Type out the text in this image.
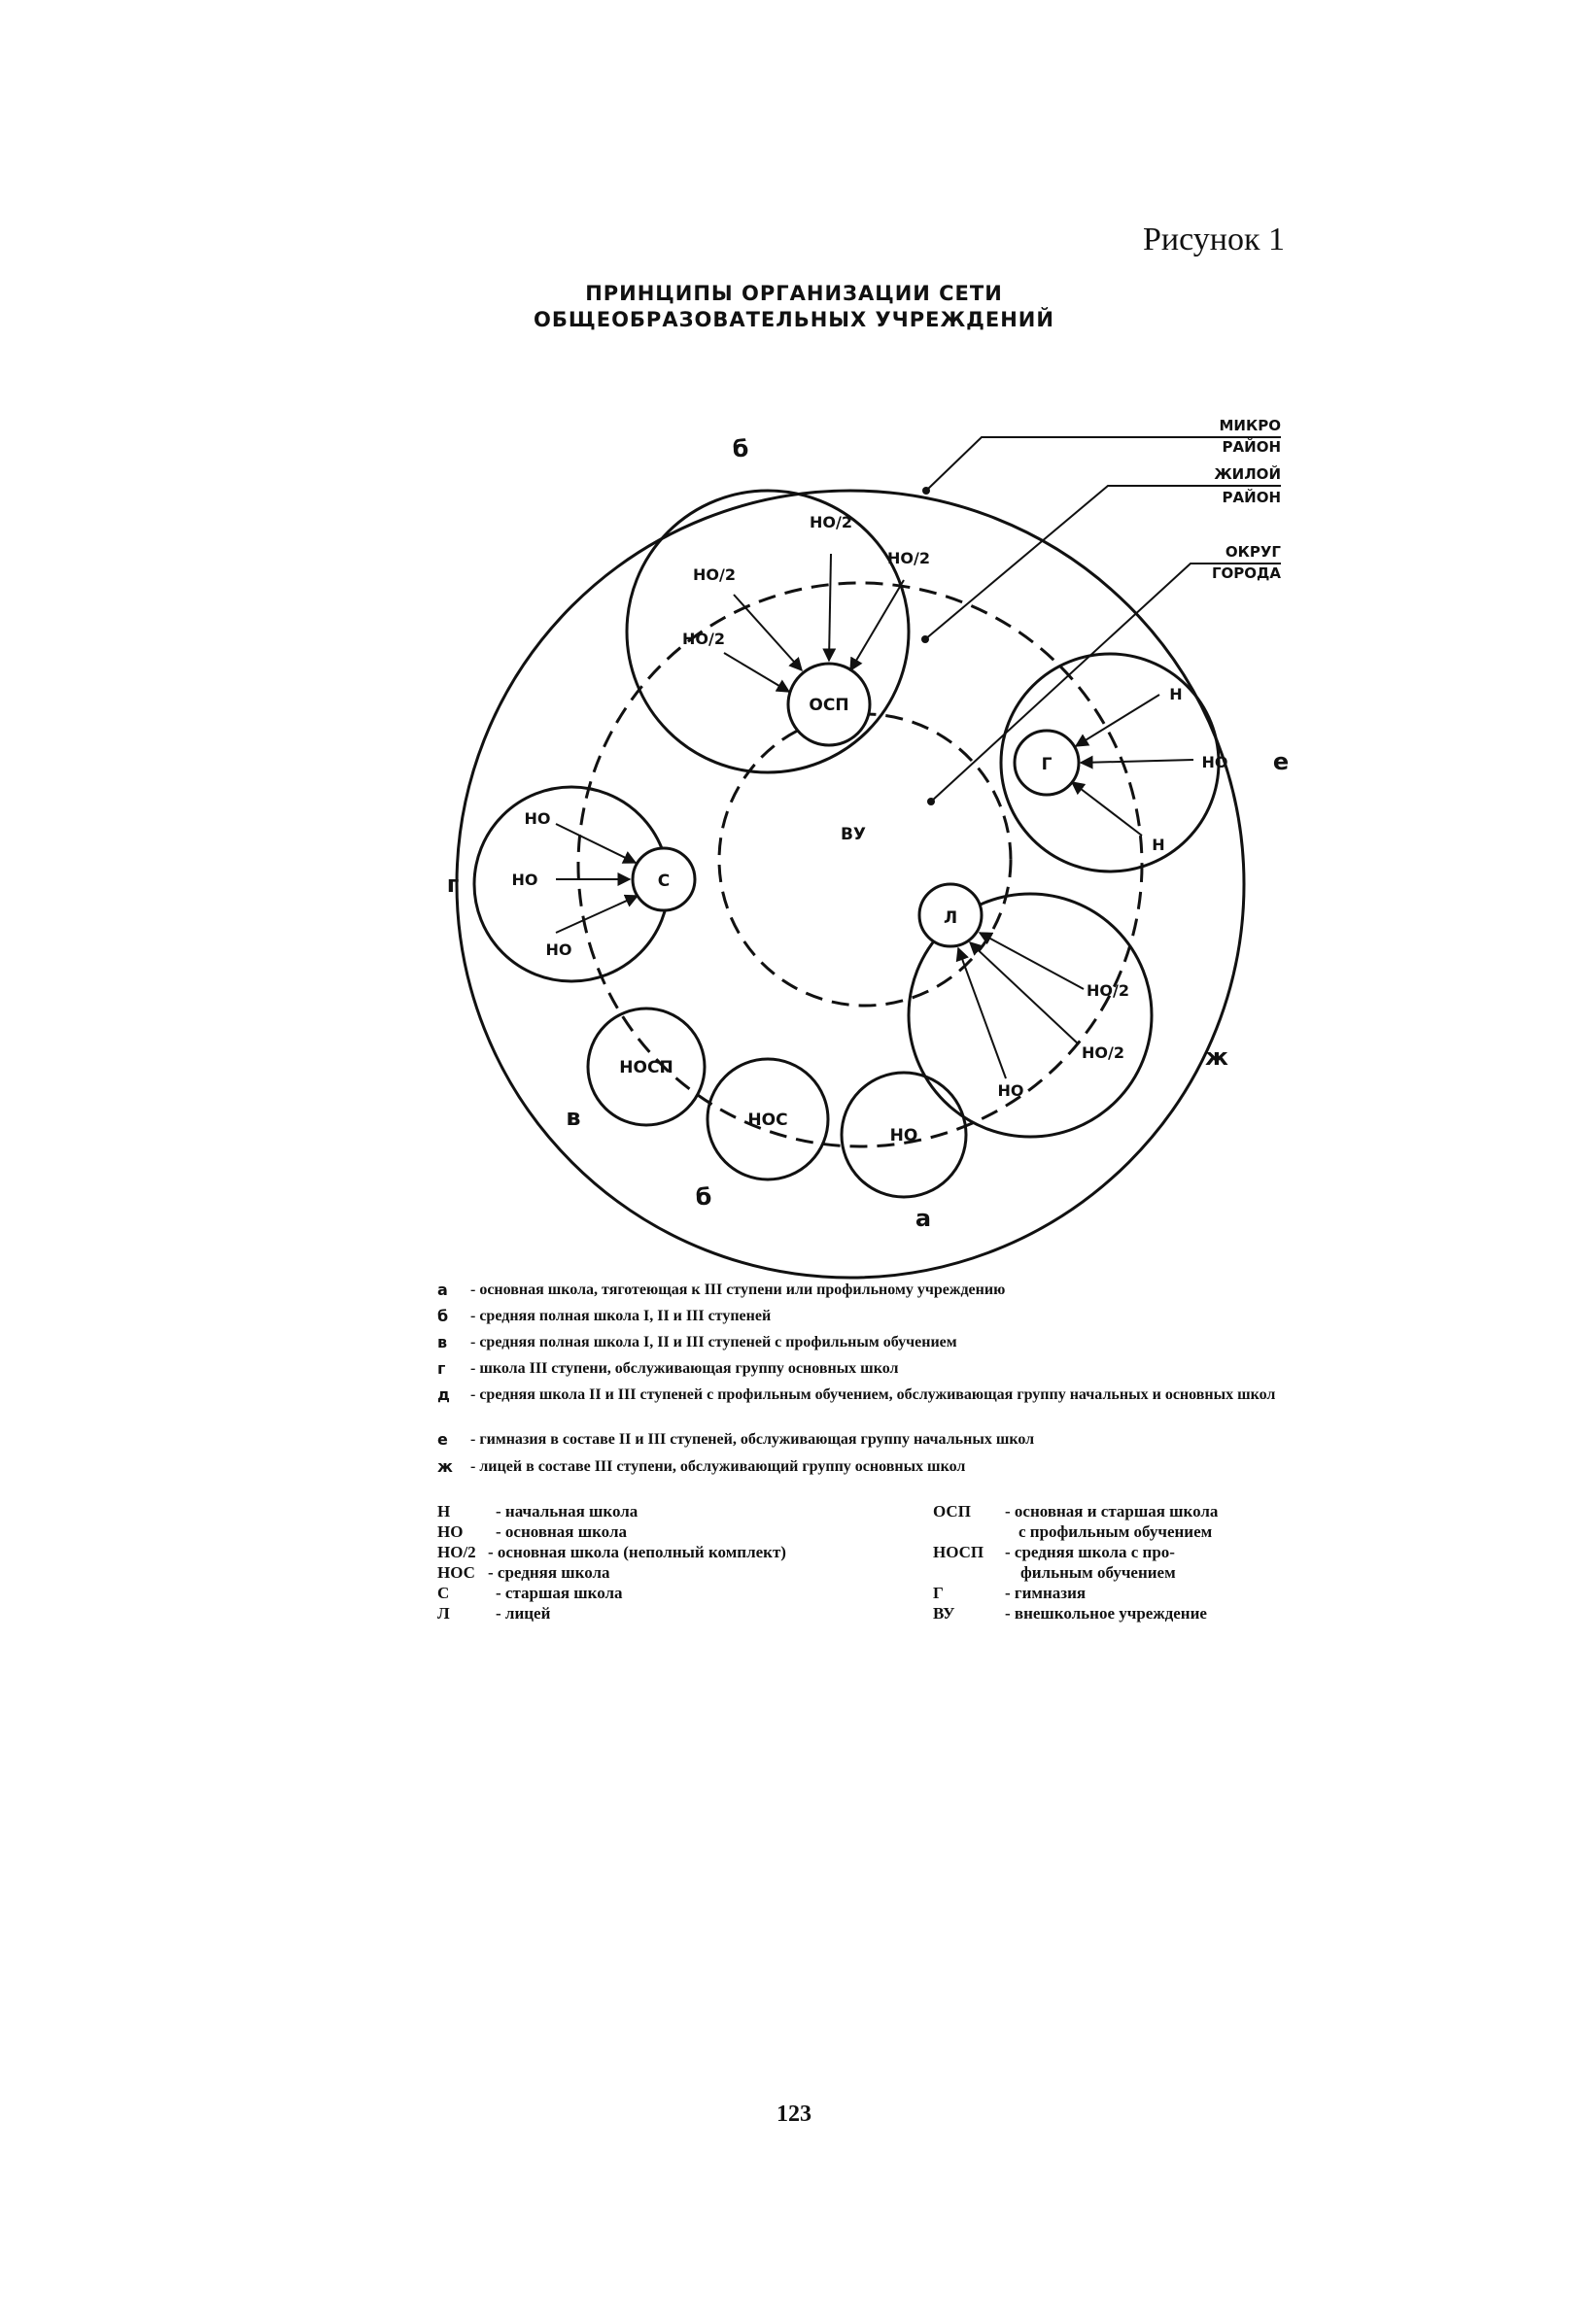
Рисунок 1
ПРИНЦИПЫ ОРГАНИЗАЦИИ СЕТИ
ОБЩЕОБРАЗОВАТЕЛЬНЫХ УЧРЕЖДЕНИЙ
МИКРО
РАЙОН
ЖИЛОЙ
РАЙОН
ОКРУГ
ГОРОДА
б
е
г
ж
в
б
а
ОСП
Г
С
Л
ВУ
НОСП
НОС
НО
НО/2
НО/2
НО/2
НО/2
Н
НО
Н
НО
НО
НО
НО/2
НО/2
НО
а	- основная школа, тяготеющая к III ступени или профильному учреждению
б	- средняя полная школа I, II и III ступеней
в	- средняя полная школа I, II и III ступеней с профильным обучением
г	- школа III ступени, обслуживающая группу основных школ
д	- средняя школа II и III ступеней с профильным обучением, обслуживающая группу начальных и основных школ
е	- гимназия в составе II и III ступеней, обслуживающая группу начальных школ
ж - лицей в составе III ступени, обслуживающий группу основных школ
Н	- начальная школа
НО - основная школа
НО/2 - основная школа (неполный комплект)
НОС - средняя школа
С	- старшая школа
Л	- лицей
ОСП - основная и старшая школа
с профильным обучением
НОСП - средняя школа с про-
фильным обучением
Г	- гимназия
ВУ	- внешкольное учреждение
123
